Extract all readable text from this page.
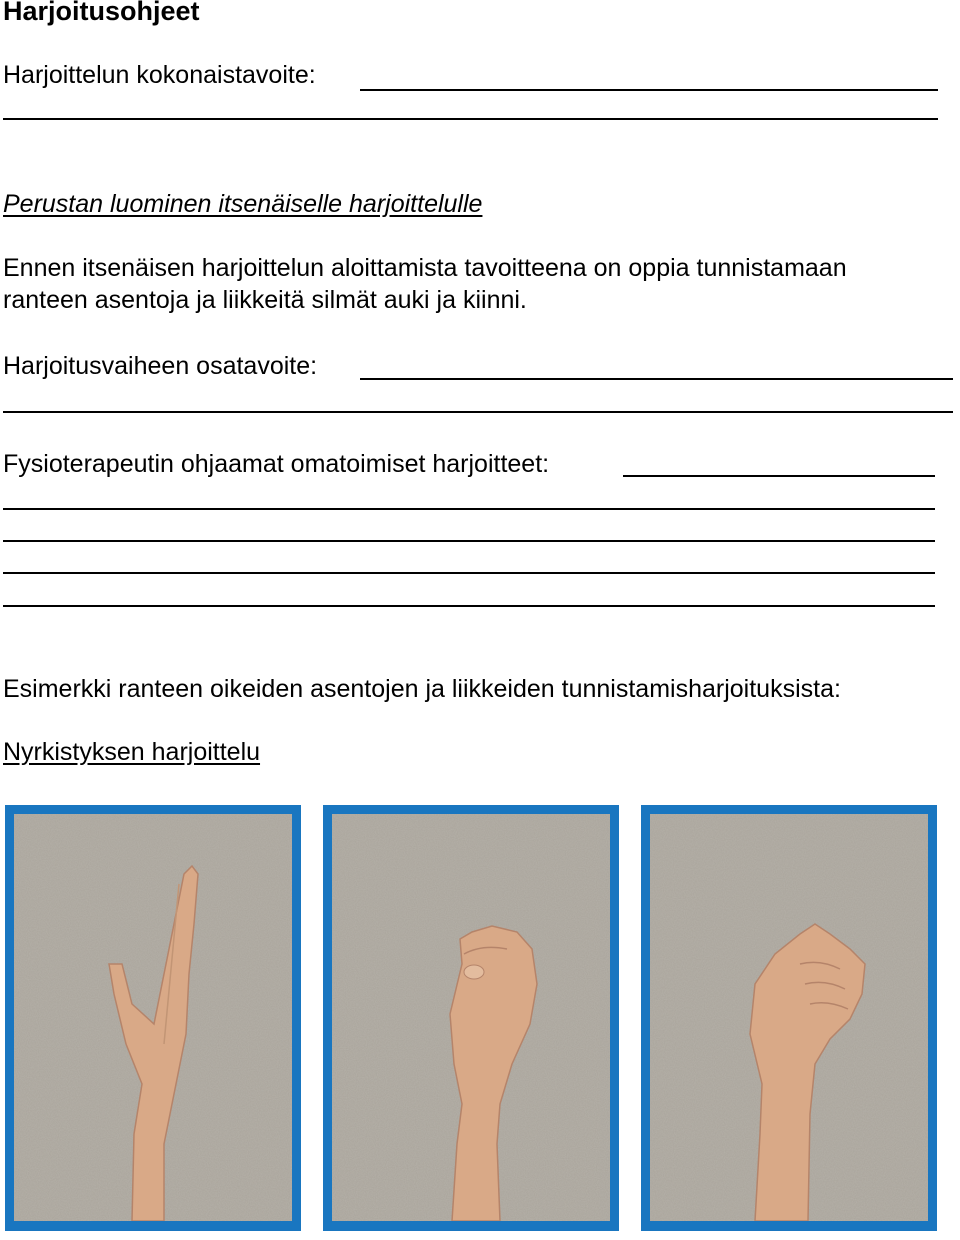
Harjoitusohjeet
Harjoittelun kokonaistavoite:
Perustan luominen itsenäiselle harjoittelulle
Ennen itsenäisen harjoittelun aloittamista tavoitteena on oppia tunnistamaan
ranteen asentoja ja liikkeitä silmät auki ja kiinni.
Harjoitusvaiheen osatavoite:
Fysioterapeutin ohjaamat omatoimiset harjoitteet:
Esimerkki ranteen oikeiden asentojen ja liikkeiden tunnistamisharjoituksista:
Nyrkistyksen harjoittelu
